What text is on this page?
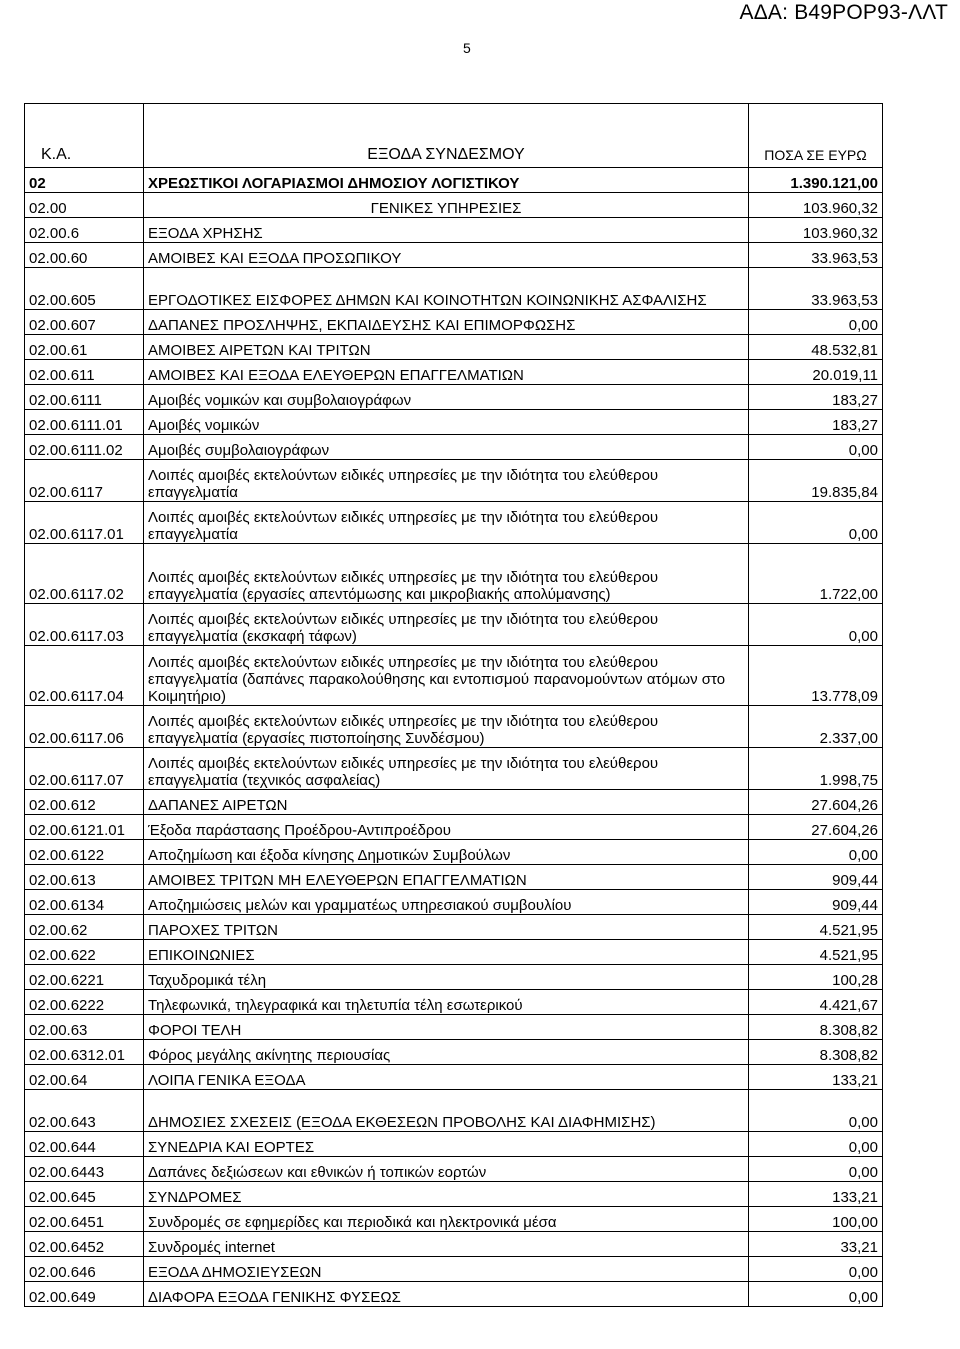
ΑΔΑ: Β49ΡΟΡ93-ΛΛΤ
5
Κ.Α.	ΕΞΟΔΑ ΣΥΝΔΕΣΜΟΥ	ΠΟΣΑ ΣΕ ΕΥΡΩ
02	ΧΡΕΩΣΤΙΚΟΙ ΛΟΓΑΡΙΑΣΜΟΙ ΔΗΜΟΣΙΟΥ ΛΟΓΙΣΤΙΚΟΥ	1.390.121,00
02.00	ΓΕΝΙΚΕΣ ΥΠΗΡΕΣΙΕΣ	103.960,32
02.00.6	ΕΞΟΔΑ ΧΡΗΣΗΣ	103.960,32
02.00.60	ΑΜΟΙΒΕΣ ΚΑΙ ΕΞΟΔΑ ΠΡΟΣΩΠΙΚΟΥ	33.963,53
02.00.605	ΕΡΓΟΔΟΤΙΚΕΣ ΕΙΣΦΟΡΕΣ ΔΗΜΩΝ ΚΑΙ ΚΟΙΝΟΤΗΤΩΝ ΚΟΙΝΩΝΙΚΗΣ ΑΣΦΑΛΙΣΗΣ	33.963,53
02.00.607	ΔΑΠΑΝΕΣ ΠΡΟΣΛΗΨΗΣ, ΕΚΠΑΙΔΕΥΣΗΣ ΚΑΙ ΕΠΙΜΟΡΦΩΣΗΣ	0,00
02.00.61	ΑΜΟΙΒΕΣ ΑΙΡΕΤΩΝ ΚΑΙ ΤΡΙΤΩΝ	48.532,81
02.00.611	ΑΜΟΙΒΕΣ ΚΑΙ ΕΞΟΔΑ ΕΛΕΥΘΕΡΩΝ ΕΠΑΓΓΕΛΜΑΤΙΩΝ	20.019,11
02.00.6111	Αμοιβές νομικών και συμβολαιογράφων	183,27
02.00.6111.01	Αμοιβές νομικών	183,27
02.00.6111.02	Αμοιβές συμβολαιογράφων	0,00
02.00.6117	Λοιπές αμοιβές εκτελούντων ειδικές υπηρεσίες με την ιδιότητα του ελεύθερου επαγγελματία	19.835,84
02.00.6117.01	Λοιπές αμοιβές εκτελούντων ειδικές υπηρεσίες με την ιδιότητα του ελεύθερου επαγγελματία	0,00
02.00.6117.02	Λοιπές αμοιβές εκτελούντων ειδικές υπηρεσίες με την ιδιότητα του ελεύθερου επαγγελματία (εργασίες απεντόμωσης και μικροβιακής απολύμανσης)	1.722,00
02.00.6117.03	Λοιπές αμοιβές εκτελούντων ειδικές υπηρεσίες με την ιδιότητα του ελεύθερου επαγγελματία (εκσκαφή τάφων)	0,00
02.00.6117.04	Λοιπές αμοιβές εκτελούντων ειδικές υπηρεσίες με την ιδιότητα του ελεύθερου επαγγελματία (δαπάνες παρακολούθησης και εντοπισμού παρανομούντων ατόμων στο Κοιμητήριο)	13.778,09
02.00.6117.06	Λοιπές αμοιβές εκτελούντων ειδικές υπηρεσίες με την ιδιότητα του ελεύθερου επαγγελματία (εργασίες πιστοποίησης Συνδέσμου)	2.337,00
02.00.6117.07	Λοιπές αμοιβές εκτελούντων ειδικές υπηρεσίες με την ιδιότητα του ελεύθερου επαγγελματία (τεχνικός ασφαλείας)	1.998,75
02.00.612	ΔΑΠΑΝΕΣ ΑΙΡΕΤΩΝ	27.604,26
02.00.6121.01	Έξοδα παράστασης Προέδρου-Αντιπροέδρου	27.604,26
02.00.6122	Αποζημίωση και έξοδα κίνησης Δημοτικών Συμβούλων	0,00
02.00.613	ΑΜΟΙΒΕΣ ΤΡΙΤΩΝ ΜΗ ΕΛΕΥΘΕΡΩΝ ΕΠΑΓΓΕΛΜΑΤΙΩΝ	909,44
02.00.6134	Αποζημιώσεις μελών και γραμματέως υπηρεσιακού συμβουλίου	909,44
02.00.62	ΠΑΡΟΧΕΣ ΤΡΙΤΩΝ	4.521,95
02.00.622	ΕΠΙΚΟΙΝΩΝΙΕΣ	4.521,95
02.00.6221	Ταχυδρομικά τέλη	100,28
02.00.6222	Τηλεφωνικά, τηλεγραφικά και τηλετυπία τέλη εσωτερικού	4.421,67
02.00.63	ΦΟΡΟΙ ΤΕΛΗ	8.308,82
02.00.6312.01	Φόρος μεγάλης ακίνητης περιουσίας	8.308,82
02.00.64	ΛΟΙΠΑ ΓΕΝΙΚΑ ΕΞΟΔΑ	133,21
02.00.643	ΔΗΜΟΣΙΕΣ ΣΧΕΣΕΙΣ (ΕΞΟΔΑ ΕΚΘΕΣΕΩΝ ΠΡΟΒΟΛΗΣ ΚΑΙ ΔΙΑΦΗΜΙΣΗΣ)	0,00
02.00.644	ΣΥΝΕΔΡΙΑ ΚΑΙ ΕΟΡΤΕΣ	0,00
02.00.6443	Δαπάνες δεξιώσεων και εθνικών ή τοπικών εορτών	0,00
02.00.645	ΣΥΝΔΡΟΜΕΣ	133,21
02.00.6451	Συνδρομές σε εφημερίδες και περιοδικά και ηλεκτρονικά μέσα	100,00
02.00.6452	Συνδρομές internet	33,21
02.00.646	ΕΞΟΔΑ ΔΗΜΟΣΙΕΥΣΕΩΝ	0,00
02.00.649	ΔΙΑΦΟΡΑ ΕΞΟΔΑ ΓΕΝΙΚΗΣ ΦΥΣΕΩΣ	0,00
